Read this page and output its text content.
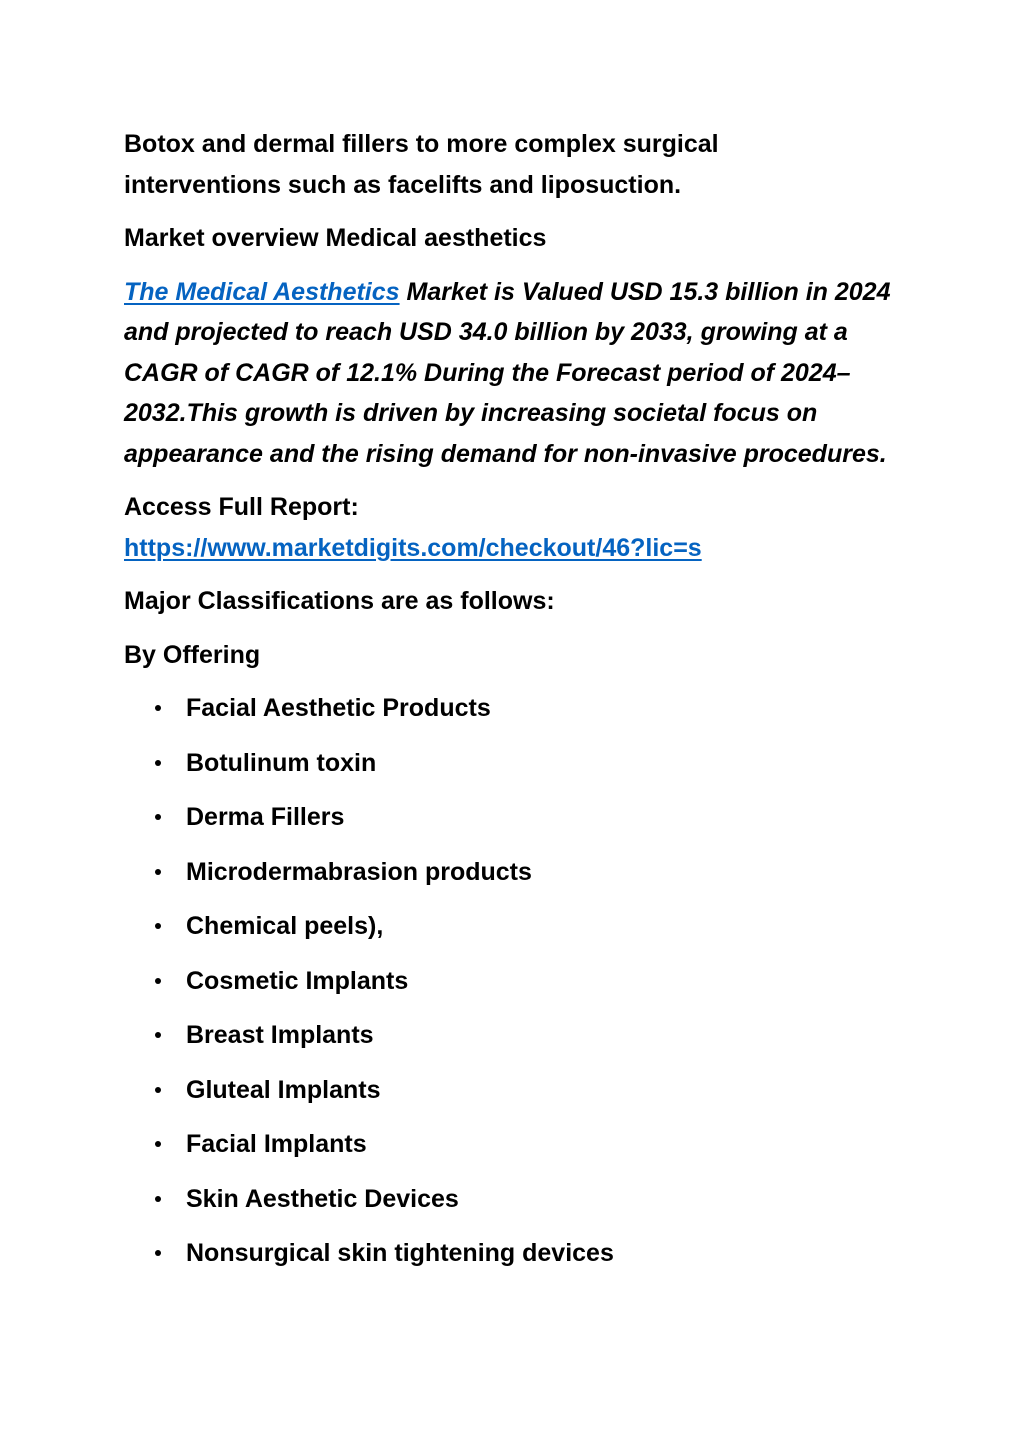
Botox and dermal fillers to more complex surgical
interventions such as facelifts and liposuction.

Market overview Medical aesthetics

The Medical Aesthetics Market is Valued USD 15.3 billion in 2024 and projected to reach USD 34.0 billion by 2033, growing at a CAGR of CAGR of 12.1% During the Forecast period of 2024–2032.This growth is driven by increasing societal focus on appearance and the rising demand for non-invasive procedures.

Access Full Report:
https://www.marketdigits.com/checkout/46?lic=s

Major Classifications are as follows:

By Offering

Facial Aesthetic Products
Botulinum toxin
Derma Fillers
Microdermabrasion products
Chemical peels),
Cosmetic Implants
Breast Implants
Gluteal Implants
Facial Implants
Skin Aesthetic Devices
Nonsurgical skin tightening devices
